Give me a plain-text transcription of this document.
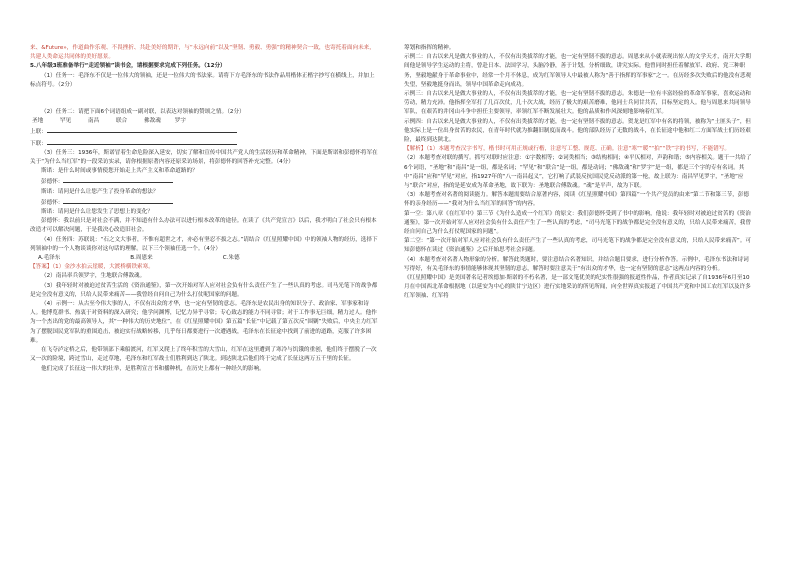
来、&Future»，作道曲作乐观、不畏挫折、共赴美好的期许，与“永远向前”以及“坚韧、勇毅、勇强”的精神契合一致，也寄托着面向未来，共建人类命运共同体的美好愿景。

5.八年级3班准备举行“走近领袖”读书会，请根据要求完成下列任务。（12分）

（1）任务一：毛泽东不仅是一位伟大的领袖，还是一位伟大的书法家。请将下方毛泽东的书法作品用楷体正楷字抄写在横线上，并加上标点符号。（2分）

（2）任务二：请把下面6个词语组成一副对联，以表达对领袖的赞颂之情。（2分）

圣地	罕见	南昌	联合	佛敌魂	罗宇

上联：

下联：

（3）任务三：1936年，斯诺冒着生命危险深入延安，切实了解和宣传中国共产党人的生活经历和革命精神，下面是斯诺和彭德怀将军在关于“为什么当红军”的一段采访实录，请你根据原著内容还原采访场景，将彭德怀的回答补充完整。（4分）

斯诺：是什么时间或事情使您开始走上共产主义和革命道路的？

彭德怀：

斯诺：请问是什么让您产生了投身革命的想法？

彭德怀：

斯诺：请问是什么让您发生了思想上的变化？

彭德怀：我以前只是对社会不满，并不知道有什么办法可以进行根本改革的途径。在读了《共产党宣言》以后，我才明白了社会只有根本改造才可以解决问题，于是我决心改造旧社会。

（4）任务四：苏联说：“石之文大事者，不惟有超世之才，亦必有坚忍不拔之志。”请结合《红星照耀中国》中的领袖人物的经历，选择下列领袖中的一个人物谈谈你对这句话的理解。以下三个领袖任选一个。（4分）

A.毛泽东	B.周恩来	C.朱德

【答案】（1）金沙水拍云崖暖，大渡桥横铁索寒。

（2）南昌率兵领罗宇，生地联合傅敌魂。

（3）我年轻时对被迫过贫苦生活的《资治通鉴》，第一次开始对军人应对社会负有什么责任产生了一些认真的考虑。司马光笔下的战争都是完全没有意义的，只给人民带来痛苦——我曾经自问自己为什么打仗呢国家的问题。

（4）示例一：从古至今伟大事的人，不仅有出众的才华，也一定有坚韧的意志。毛泽东是农民出身的知识分子、政治家、军事家和诗人。他博览群书、热衷于对资料的深入研究；他学问渊博，记忆力异乎寻常；专心致志的能力不同寻常；对于工作事无巨细，精力过人。他作为一个杰出的党的最高领导人，其“一种伟大的历史地位”，在《红星照耀中国》第五篇“长征”中记载了第五次反“围剿”失败后，中央主力红军为了摆脱国民党军队的重围追击，被迫实行战略转移，几乎每日都要进行一次遭遇战，毛泽东在长征途中找到了前进的道路，克服了许多困难。

在飞夺泸定桥之后，他带领部下乘船渡河，红军又爬上了终年积雪的大雪山，红军在这里遭到了寒冷与饥饿的重创，他们终于摆脱了一次又一次的险境，跨过雪山，走过草地，毛泽东和红军战士们胜利到达了陕北。到达陕北后他们终于完成了长征这两万五千里的长征。

他们完成了长征这一伟大的壮举，是胜利宣言书和播种机，在历史上都有一种经久的影响。

筹划和指挥的精神。

示例二：自古以来凡是做大事业的人，不仅有出类拔萃的才能，也一定有坚韧不拔的意志。周恩来从小就表现出惊人的文学天才，南开大学期间他是领导学生运动的主将，曾赴日本、法国学习，头脑冷静，善于计划，分析细致，讲究实际。他曾同时担任着解放军、政府、党三种职务，坚毅地献身于革命事业中，经常一个月不休息，成为红军领导人中最被人称为“善于指挥的军事家”之一。在历经多次失败后的他没有悲观失望，坚毅地挺身而出，领导中国革命走向成功。

示例三：自古以来凡是做大事业的人，不仅有出类拔萃的才能，也一定有坚韧不拔的意志。朱德是一位有丰富经验的革命军事家，喜欢运动和劳动，精力充沛。他指挥全军打了几百次仗，几十次大战，经历了极大的艰苦磨难，他同士兵同甘共苦，目标坚定的人。他与周恩来共同领导军队，在艰苦的井冈山斗争中担任主要领导，率领红军不断发展壮大。他的品质和作风深刻地影响着红军。

示例四：自古以来凡是做大事业的人，不仅有出类拔萃的才能，也一定有坚韧不拔的意志。贺龙是红军中有名的将领，被称为“土匪头子”，但他实际上是一位出身贫苦的农民，在青年时代就为推翻旧制度而战斗。他的部队经历了无数的战斗，在长征途中他和红二方面军战士们历经艰险，最终到达陕北。

【解析】（1）本题考查汉字书写，楷书时可用正规或行楷，注意写工整、规范、正确。注意“寒”“暖”“拍”“铁”字的书写，不能错写。

（2）本题考查对联的撰写。抓写对联时应注意：①字数相等；②词类相当；③结构相同；④平仄相对，声韵和谐；⑤内容相关。题干一共给了6个词语，“圣地”和“南昌”是一组，都是名词；“罕见”和“联合”是一组，都是动词；“佛敌魂”和“罗宇”是一组，都是三个字的专有名词。其中“南昌”应和“罕见”对应，指1927年的“八一南昌起义”，它打响了武装反抗国民党反动派的第一枪，故上联为：南昌罕见罗宇，“圣地”应与“联合”对应，指的是延安成为革命圣地，故下联为：圣地联合傅敌魂。“魂”是平声，故为下联。

（3）本题考查对名著的阅读能力。解答本题需要结合原著内容，阅读《红星照耀中国》第四篇“一个共产党员的由来”第二节和第三节，彭德怀的亲身经历——“我对为什么当红军的回答”的内容。

第一空：第八章《在红军中》第三节《为什么造成一个红军》的原文：我们彭德怀受到了书中的影响，他说：我年轻时对被迫过贫苦的《资治通鉴》，第一次开始对军人应对社会负有什么责任产生了一些认真的考虑，“司马光笔下的战争都是完全没有意义的，只给人民带来痛苦，我曾经自问自己为什么打仗呢国家的问题”。

第二空：“第一次开始对军人应对社会负有什么责任产生了一些认真的考虑，司马光笔下的战争都是完全没有意义的，只给人民带来痛苦”。可知彭德怀在读过《资治通鉴》之后开始思考社会问题。

（4）本题考查对名著人物形象的分析。解答此类题时，要注意结合名著知识，并结合题目要求，进行分析作答。示例中，毛泽东书法和诗词写得好，有关毛泽东的事情能够体现其坚韧的意志，解答时要注意关于“有出众的才华，也一定有坚韧的意志”这两点内容的分析。

《红星照耀中国》是美国著名记者埃德加·斯诺的不朽名著，是一部文笔优美的纪实性很强的报道性作品，作者真实记录了自1936年6月至10月在中国西北革命根据地（以延安为中心的陕甘宁边区）进行实地采访的所见所闻，向全世界真实报道了中国共产党和中国工农红军以及许多红军领袖、红军将
